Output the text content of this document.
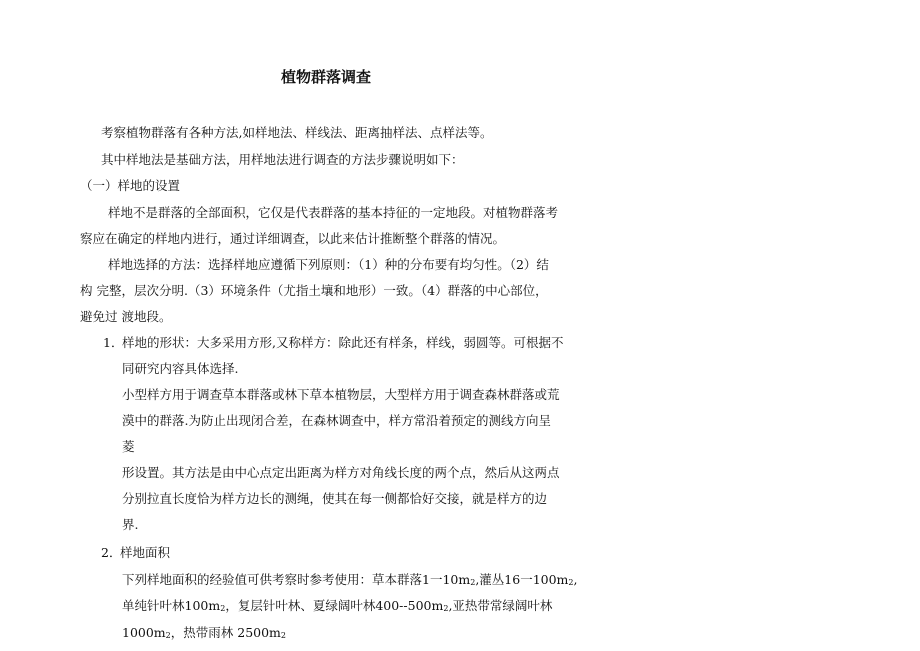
植物群落调查
考察植物群落有各种方法,如样地法、样线法、距离抽样法、点样法等。
其中样地法是基础方法，用样地法进行调查的方法步骤说明如下：
（一）样地的设置
样地不是群落的全部面积，它仅是代表群落的基本持征的一定地段。对植物群落考
察应在确定的样地内进行，通过详细调查，以此来估计推断整个群落的情况。
样地选择的方法：选择样地应遵循下列原则：（1）种的分布要有均匀性。（2）结
构 完整，层次分明.（3）环境条件（尤指土壤和地形）一致。（4）群落的中心部位，
避免过 渡地段。
1．
样地的形状：大多采用方形,又称样方：除此还有样条，样线，弱圆等。可根据不
同研究内容具体选择.
小型样方用于调查草本群落或林下草本植物层，大型样方用于调查森林群落或荒
漠中的群落.为防止出现闭合差，在森林调查中，样方常沿着预定的测线方向呈
菱
形设置。其方法是由中心点定出距离为样方对角线长度的两个点，然后从这两点
分别拉直长度恰为样方边长的测绳，使其在每一侧都恰好交接，就是样方的边
界.
2．
样地面积
下列样地面积的经验值可供考察时参考使用：草本群落1一$10m_2$,灌丛16一$100m_2$,
单纯针叶林$100m_2$，复层针叶林、夏绿阔叶林$400--500m_2$,亚热带常绿阔叶林
$1000m_2$，热带雨林 $2500m_2$
